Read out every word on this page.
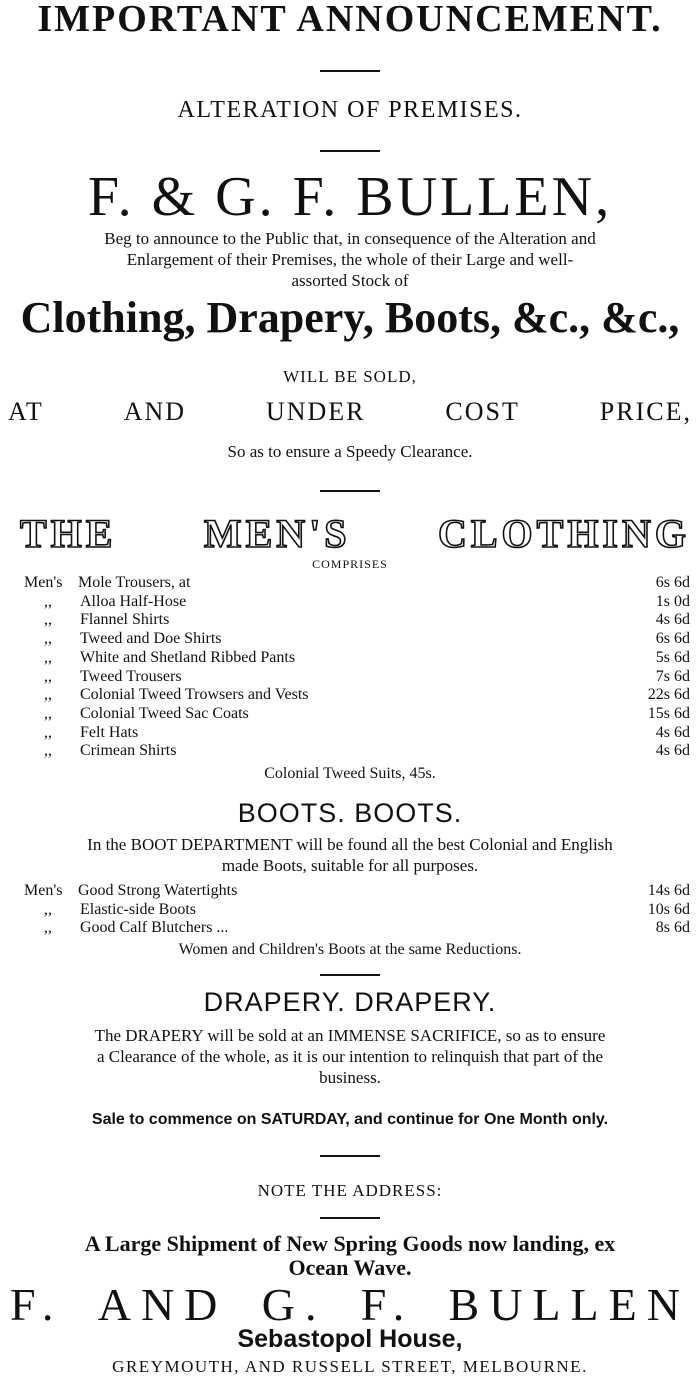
IMPORTANT ANNOUNCEMENT.
ALTERATION OF PREMISES.
F. & G. F. BULLEN,
Beg to announce to the Public that, in consequence of the Alteration and
Enlargement of their Premises, the whole of their Large and well-
assorted Stock of
Clothing, Drapery, Boots, &c., &c.,
WILL BE SOLD,
AT	AND	UNDER	COST	PRICE,
So as to ensure a Speedy Clearance.
THE MEN'S CLOTHING
COMPRISES
Men's Mole Trousers, at	6s 6d
,,	Alloa Half-Hose	1s 0d
,,	Flannel Shirts	4s 6d
,,	Tweed and Doe Shirts	6s 6d
,,	White and Shetland Ribbed Pants	5s 6d
,,	Tweed Trousers	7s 6d
,,	Colonial Tweed Trowsers and Vests	22s 6d
,,	Colonial Tweed Sac Coats	15s 6d
,,	Felt Hats	4s 6d
,,	Crimean Shirts	4s 6d
Colonial Tweed Suits, 45s.
BOOTS. BOOTS.
In the BOOT DEPARTMENT will be found all the best Colonial and English
made Boots, suitable for all purposes.
Men's Good Strong Watertights	14s 6d
,,	Elastic-side Boots	10s 6d
,,	Good Calf Blutchers ...	8s 6d
Women and Children's Boots at the same Reductions.
DRAPERY. DRAPERY.
The DRAPERY will be sold at an IMMENSE SACRIFICE, so as to ensure
a Clearance of the whole, as it is our intention to relinquish that part of the
business.
Sale to commence on SATURDAY, and continue for One Month only.
NOTE THE ADDRESS:
A Large Shipment of New Spring Goods now landing, ex
Ocean Wave.
F. AND G. F. BULLEN
Sebastopol House,
GREYMOUTH, AND RUSSELL STREET, MELBOURNE.
